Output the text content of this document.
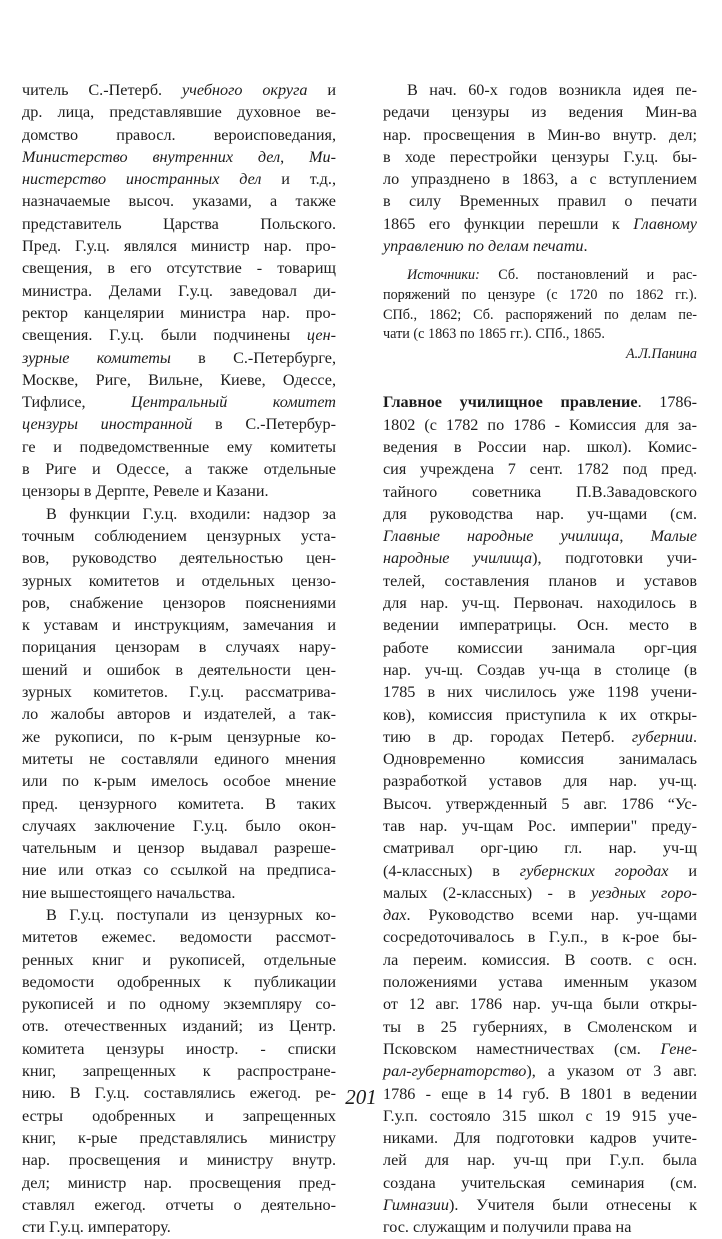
читель С.-Петерб. учебного округа и
др. лица, представлявшие духовное ве-
домство правосл. вероисповедания,
Министерство внутренних дел, Ми-
нистерство иностранных дел и т.д.,
назначаемые высоч. указами, а также
представитель Царства Польского.
Пред. Г.у.ц. являлся министр нар. про-
свещения, в его отсутствие - товарищ
министра. Делами Г.у.ц. заведовал ди-
ректор канцелярии министра нар. про-
свещения. Г.у.ц. были подчинены цен-
зурные комитеты в С.-Петербурге,
Москве, Риге, Вильне, Киеве, Одессе,
Тифлисе, Центральный комитет
цензуры иностранной в С.-Петербур-
ге и подведомственные ему комитеты
в Риге и Одессе, а также отдельные
цензоры в Дерпте, Ревеле и Казани.
В функции Г.у.ц. входили: надзор за
точным соблюдением цензурных уста-
вов, руководство деятельностью цен-
зурных комитетов и отдельных цензо-
ров, снабжение цензоров пояснениями
к уставам и инструкциям, замечания и
порицания цензорам в случаях нару-
шений и ошибок в деятельности цен-
зурных комитетов. Г.у.ц. рассматрива-
ло жалобы авторов и издателей, а так-
же рукописи, по к-рым цензурные ко-
митеты не составляли единого мнения
или по к-рым имелось особое мнение
пред. цензурного комитета. В таких
случаях заключение Г.у.ц. было окон-
чательным и цензор выдавал разреше-
ние или отказ со ссылкой на предписа-
ние вышестоящего начальства.
В Г.у.ц. поступали из цензурных ко-
митетов ежемес. ведомости рассмот-
ренных книг и рукописей, отдельные
ведомости одобренных к публикации
рукописей и по одному экземпляру со-
отв. отечественных изданий; из Центр.
комитета цензуры иностр. - списки
книг, запрещенных к распростране-
нию. В Г.у.ц. составлялись ежегод. ре-
естры одобренных и запрещенных
книг, к-рые представлялись министру
нар. просвещения и министру внутр.
дел; министр нар. просвещения пред-
ставлял ежегод. отчеты о деятельно-
сти Г.у.ц. императору.
В нач. 60-х годов возникла идея пе-
редачи цензуры из ведения Мин-ва
нар. просвещения в Мин-во внутр. дел;
в ходе перестройки цензуры Г.у.ц. бы-
ло упразднено в 1863, а с вступлением
в силу Временных правил о печати
1865 его функции перешли к Главному
управлению по делам печати.
Источники: Сб. постановлений и рас-
поряжений по цензуре (с 1720 по 1862 гг.).
СПб., 1862; Сб. распоряжений по делам пе-
чати (с 1863 по 1865 гг.). СПб., 1865.
А.Л.Панина
Главное училищное правление. 1786-
1802 (с 1782 по 1786 - Комиссия для за-
ведения в России нар. школ). Комис-
сия учреждена 7 сент. 1782 под пред.
тайного советника П.В.Завадовского
для руководства нар. уч-щами (см.
Главные народные училища, Малые
народные училища), подготовки учи-
телей, составления планов и уставов
для нар. уч-щ. Первонач. находилось в
ведении императрицы. Осн. место в
работе комиссии занимала орг-ция
нар. уч-щ. Создав уч-ща в столице (в
1785 в них числилось уже 1198 учени-
ков), комиссия приступила к их откры-
тию в др. городах Петерб. губернии.
Одновременно комиссия занималась
разработкой уставов для нар. уч-щ.
Высоч. утвержденный 5 авг. 1786 “Ус-
тав нар. уч-щам Рос. империи" преду-
сматривал орг-цию гл. нар. уч-щ
(4-классных) в губернских городах и
малых (2-классных) - в уездных горо-
дах. Руководство всеми нар. уч-щами
сосредоточивалось в Г.у.п., в к-рое бы-
ла переим. комиссия. В соотв. с осн.
положениями устава именным указом
от 12 авг. 1786 нар. уч-ща были откры-
ты в 25 губерниях, в Смоленском и
Псковском наместничествах (см. Гене-
рал-губернаторство), а указом от 3 авг.
1786 - еще в 14 губ. В 1801 в ведении
Г.у.п. состояло 315 школ с 19 915 уче-
никами. Для подготовки кадров учите-
лей для нар. уч-щ при Г.у.п. была
создана учительская семинария (см.
Гимназии). Учителя были отнесены к
гос. служащим и получили права на
201
